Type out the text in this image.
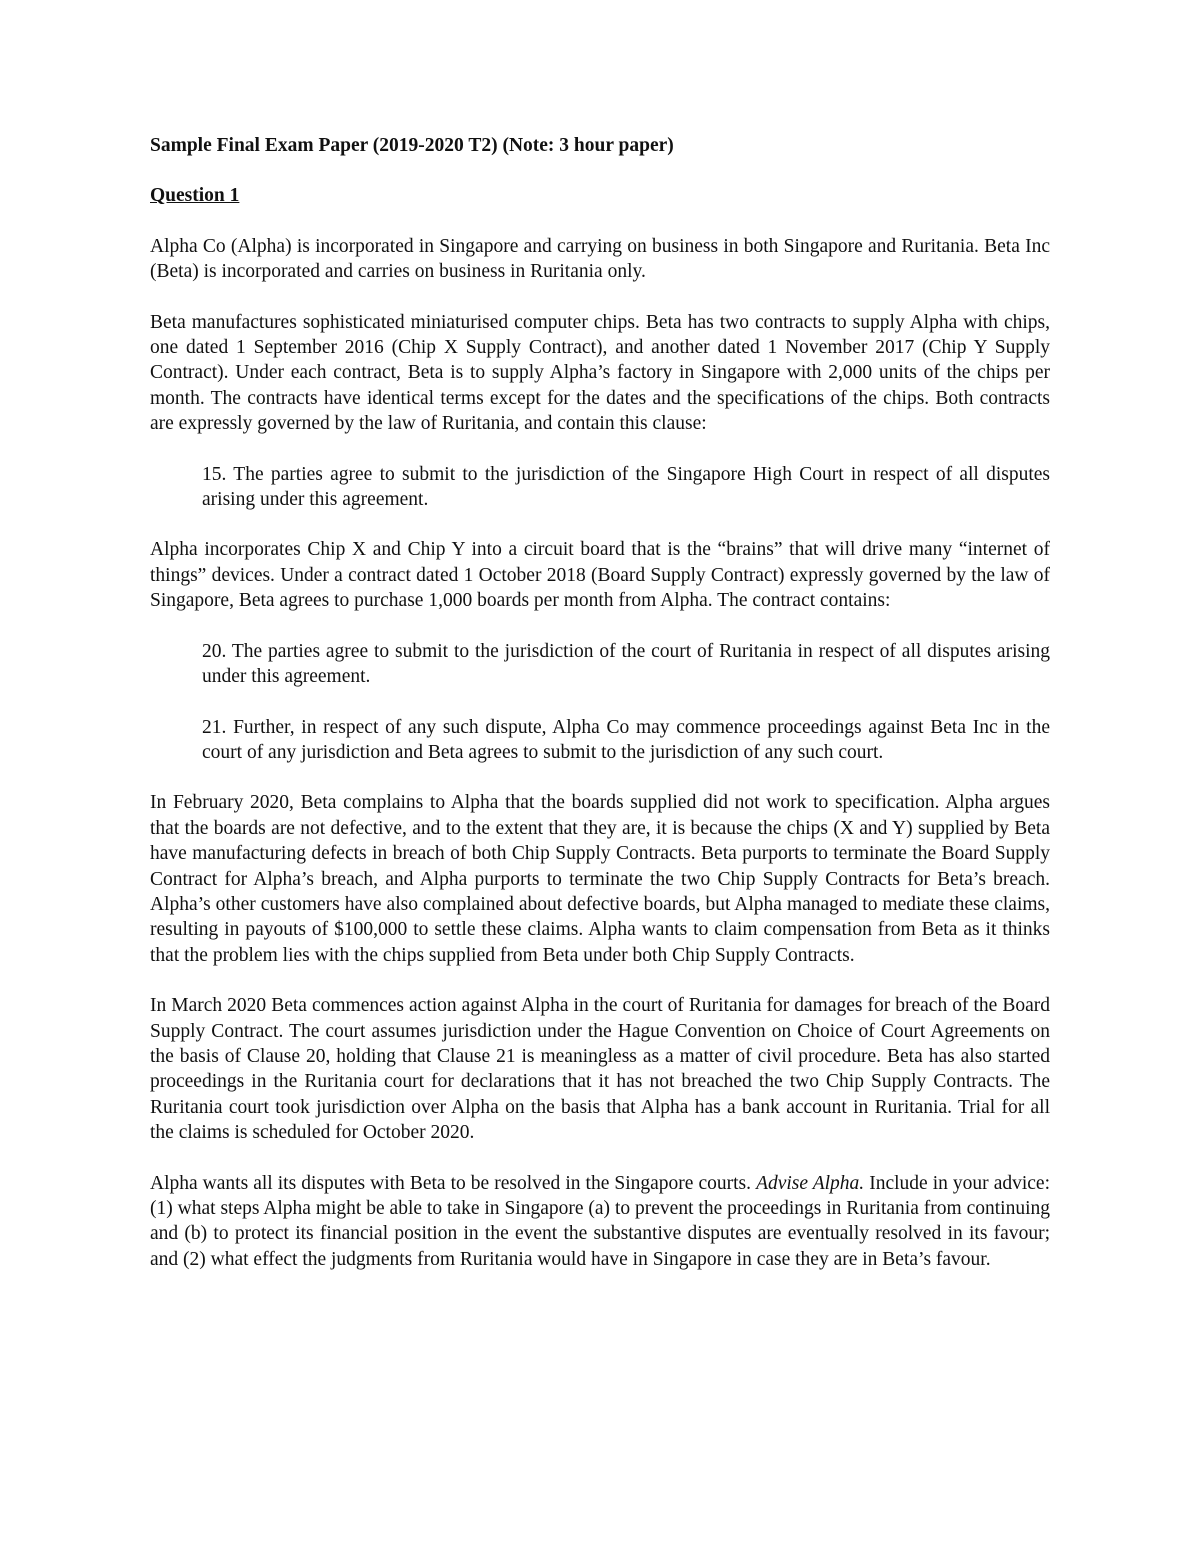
Sample Final Exam Paper (2019-2020 T2) (Note: 3 hour paper)
Question 1

Alpha Co (Alpha) is incorporated in Singapore and carrying on business in both Singapore and Ruritania. Beta Inc (Beta) is incorporated and carries on business in Ruritania only.

Beta manufactures sophisticated miniaturised computer chips. Beta has two contracts to supply Alpha with chips, one dated 1 September 2016 (Chip X Supply Contract), and another dated 1 November 2017 (Chip Y Supply Contract). Under each contract, Beta is to supply Alpha’s factory in Singapore with 2,000 units of the chips per month. The contracts have identical terms except for the dates and the specifications of the chips. Both contracts are expressly governed by the law of Ruritania, and contain this clause:

15. The parties agree to submit to the jurisdiction of the Singapore High Court in respect of all disputes arising under this agreement.

Alpha incorporates Chip X and Chip Y into a circuit board that is the “brains” that will drive many “internet of things” devices. Under a contract dated 1 October 2018 (Board Supply Contract) expressly governed by the law of Singapore, Beta agrees to purchase 1,000 boards per month from Alpha. The contract contains:

20. The parties agree to submit to the jurisdiction of the court of Ruritania in respect of all disputes arising under this agreement.

21. Further, in respect of any such dispute, Alpha Co may commence proceedings against Beta Inc in the court of any jurisdiction and Beta agrees to submit to the jurisdiction of any such court.

In February 2020, Beta complains to Alpha that the boards supplied did not work to specification. Alpha argues that the boards are not defective, and to the extent that they are, it is because the chips (X and Y) supplied by Beta have manufacturing defects in breach of both Chip Supply Contracts. Beta purports to terminate the Board Supply Contract for Alpha’s breach, and Alpha purports to terminate the two Chip Supply Contracts for Beta’s breach. Alpha’s other customers have also complained about defective boards, but Alpha managed to mediate these claims, resulting in payouts of $100,000 to settle these claims. Alpha wants to claim compensation from Beta as it thinks that the problem lies with the chips supplied from Beta under both Chip Supply Contracts.

In March 2020 Beta commences action against Alpha in the court of Ruritania for damages for breach of the Board Supply Contract. The court assumes jurisdiction under the Hague Convention on Choice of Court Agreements on the basis of Clause 20, holding that Clause 21 is meaningless as a matter of civil procedure. Beta has also started proceedings in the Ruritania court for declarations that it has not breached the two Chip Supply Contracts. The Ruritania court took jurisdiction over Alpha on the basis that Alpha has a bank account in Ruritania. Trial for all the claims is scheduled for October 2020.

Alpha wants all its disputes with Beta to be resolved in the Singapore courts. Advise Alpha. Include in your advice: (1) what steps Alpha might be able to take in Singapore (a) to prevent the proceedings in Ruritania from continuing and (b) to protect its financial position in the event the substantive disputes are eventually resolved in its favour; and (2) what effect the judgments from Ruritania would have in Singapore in case they are in Beta’s favour.
